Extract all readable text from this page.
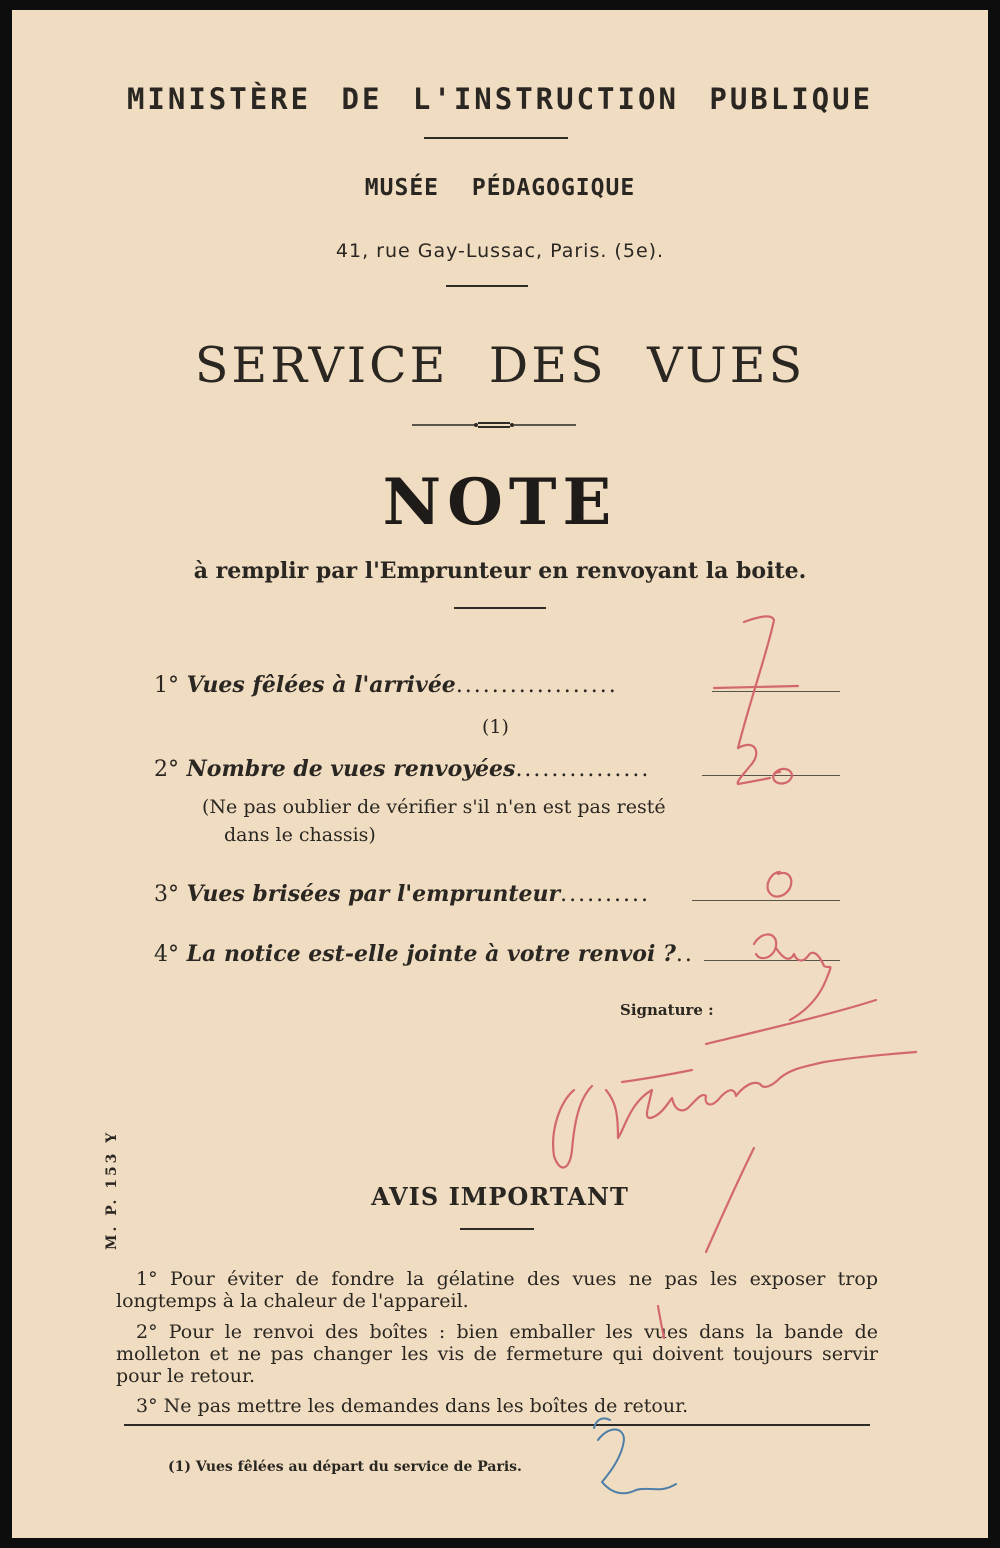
MINISTÈRE DE L'INSTRUCTION PUBLIQUE
MUSÉE PÉDAGOGIQUE
41, rue Gay-Lussac, Paris. (5e).
SERVICE DES VUES
NOTE
à remplir par l'Emprunteur en renvoyant la boite.
1° Vues fêlées à l'arrivée..................
(1)
2° Nombre de vues renvoyées...............
(Ne pas oublier de vérifier s'il n'en est pas resté
dans le chassis)
3° Vues brisées par l'emprunteur..........
4° La notice est-elle jointe à votre renvoi ?..
Signature :
M. P. 153 Y	AVIS IMPORTANT
1° Pour éviter de fondre la gélatine des vues ne pas les exposer trop longtemps à la chaleur de l'appareil.
2° Pour le renvoi des boîtes : bien emballer les vues dans la bande de molleton et ne pas changer les vis de fermeture qui doivent toujours servir pour le retour.
3° Ne pas mettre les demandes dans les boîtes de retour.
(1) Vues fêlées au départ du service de Paris.
